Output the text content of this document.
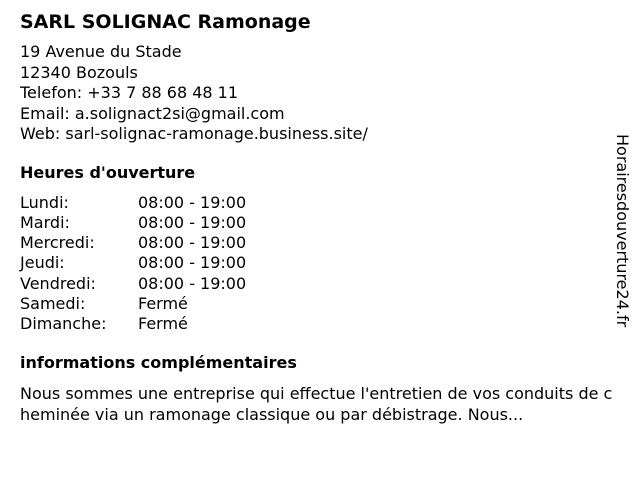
SARL SOLIGNAC Ramonage
19 Avenue du Stade
12340 Bozouls
Telefon: +33 7 88 68 48 11
Email: a.solignact2si@gmail.com
Web: sarl-solignac-ramonage.business.site/
Heures d'ouverture
Lundi:	08:00 - 19:00
Mardi:	08:00 - 19:00
Mercredi:	08:00 - 19:00
Jeudi:	08:00 - 19:00
Vendredi:	08:00 - 19:00
Samedi:	Fermé
Dimanche:	Fermé
informations complémentaires
Nous sommes une entreprise qui effectue l'entretien de vos conduits de cheminée via un ramonage classique ou par débistrage. Nous...
Horairesdouverture24.fr
